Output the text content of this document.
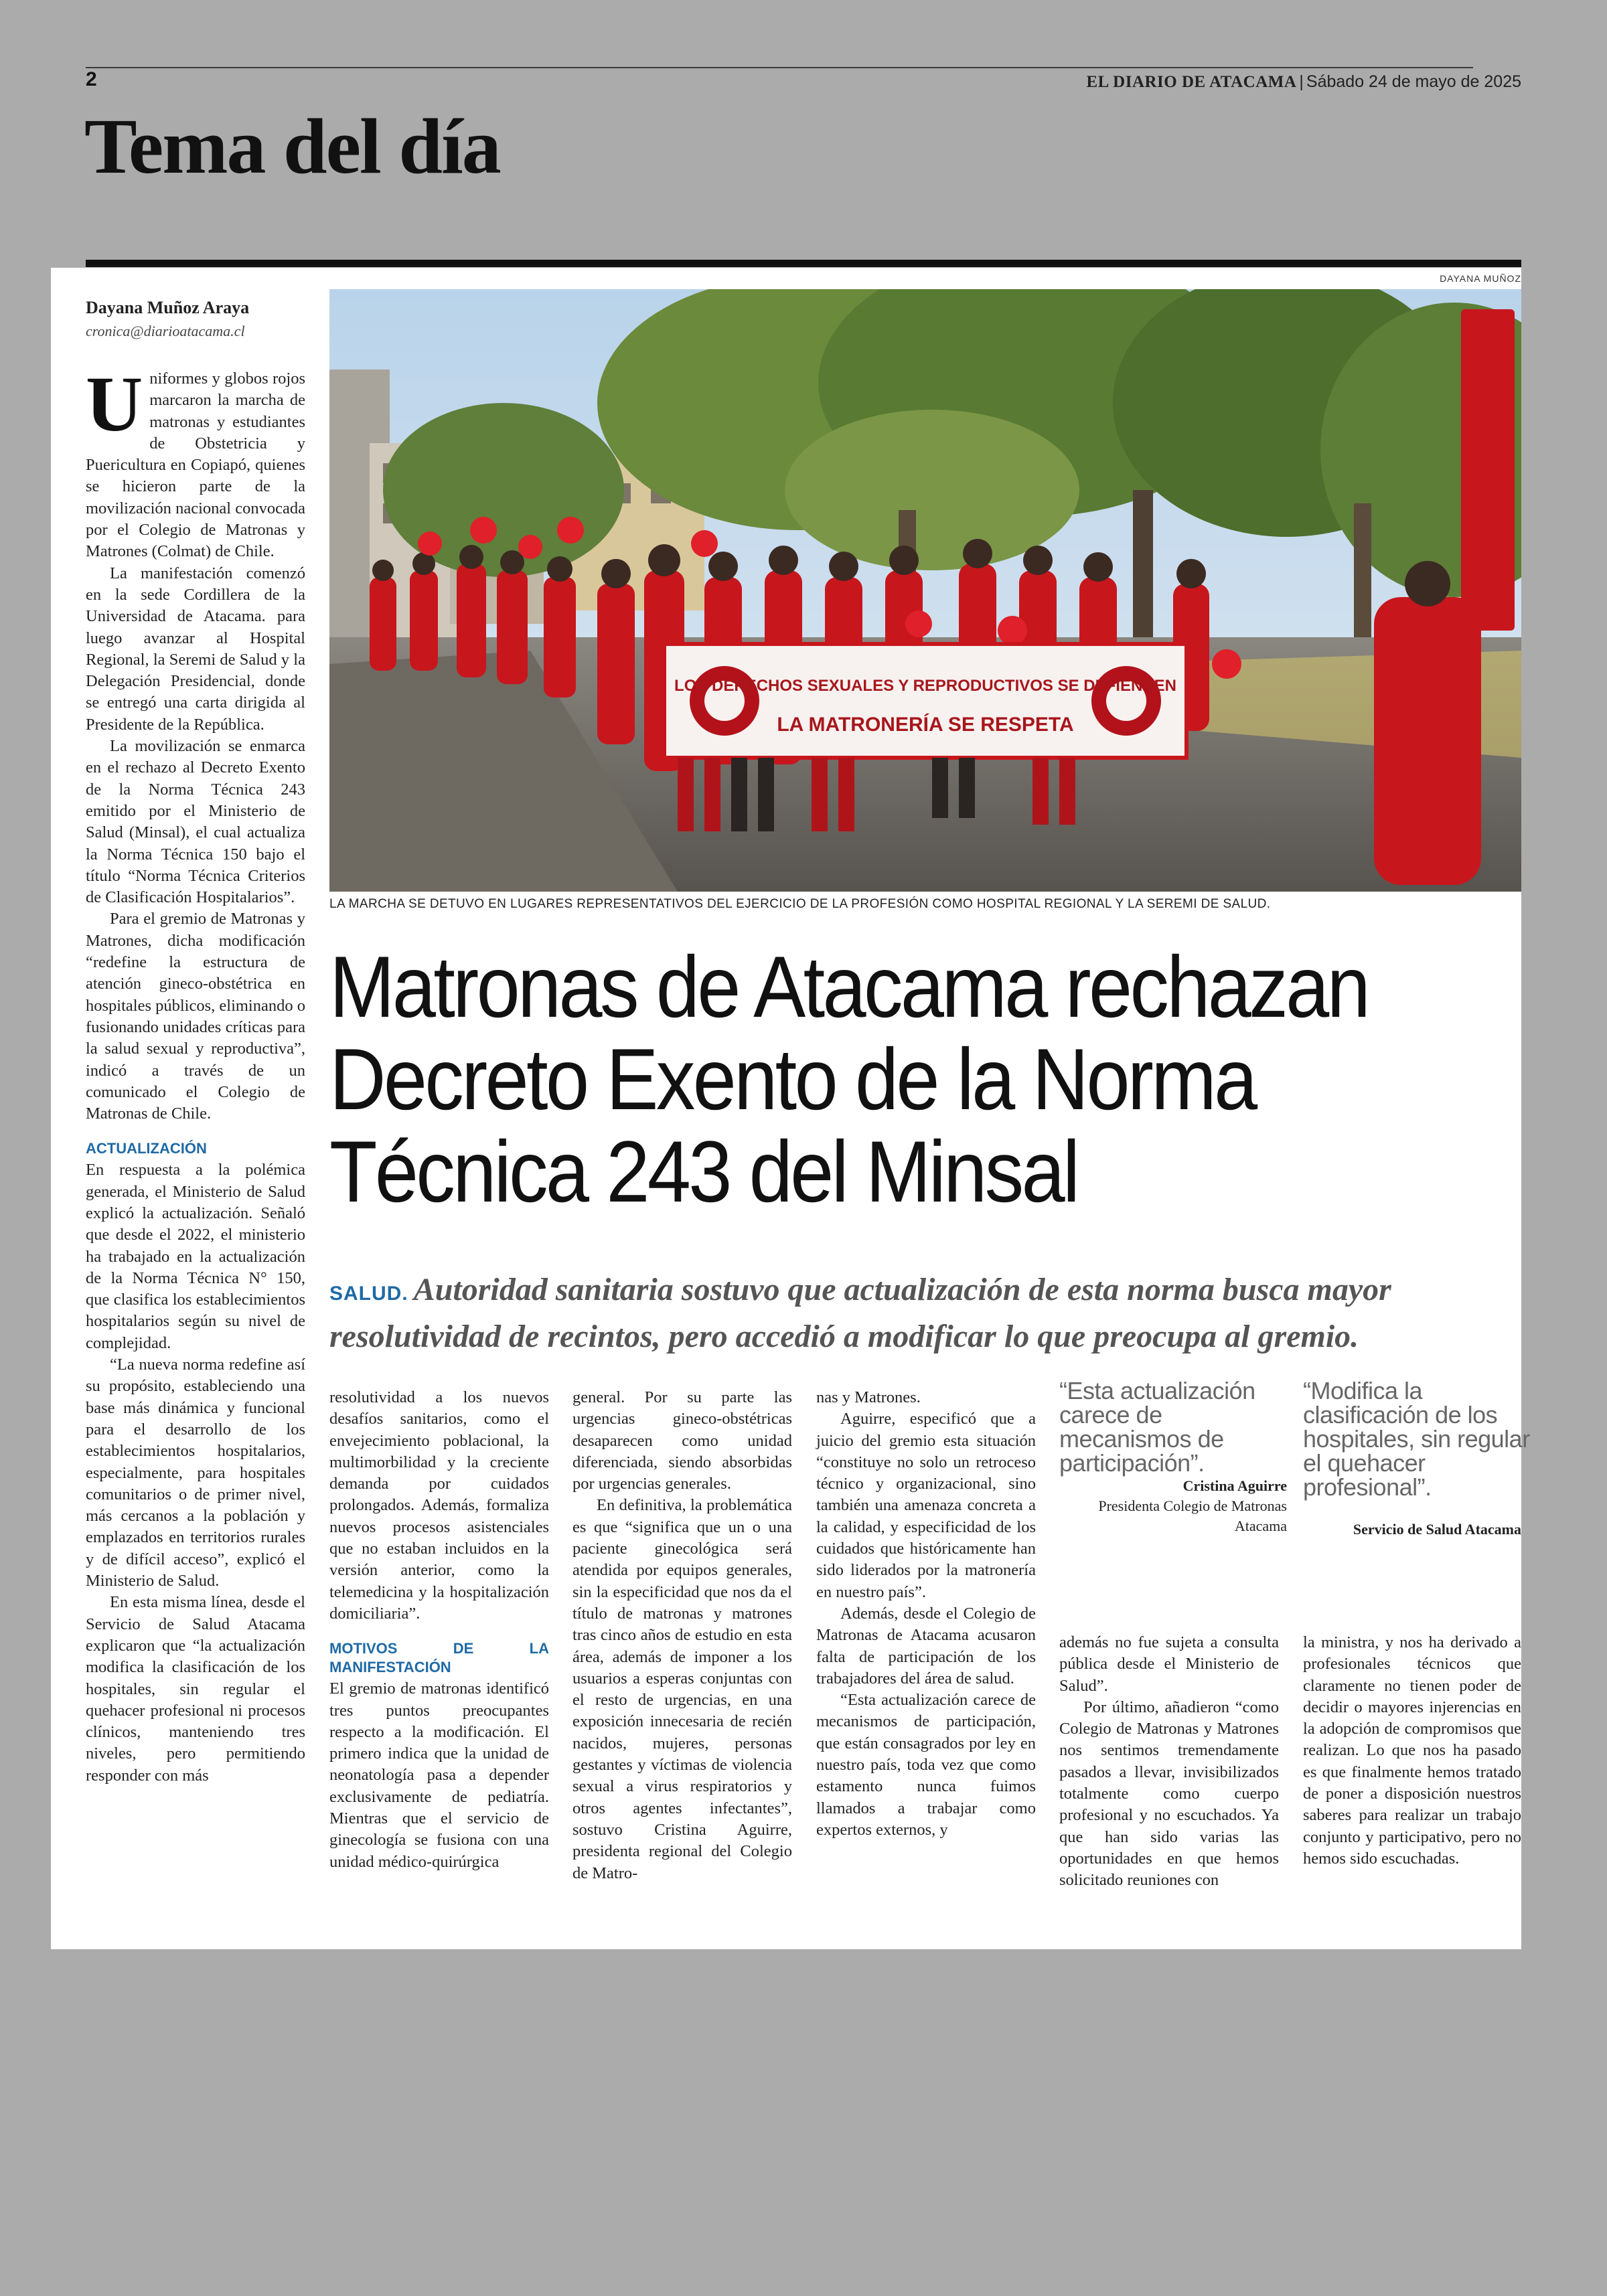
2	EL DIARIO DE ATACAMA | Sábado 24 de mayo de 2025
Tema del día
DAYANA MUÑOZ
LOS DERECHOS SEXUALES Y REPRODUCTIVOS SE DEFIENDEN
LA MATRONERÍA SE RESPETA
LA MARCHA SE DETUVO EN LUGARES REPRESENTATIVOS DEL EJERCICIO DE LA PROFESIÓN COMO HOSPITAL REGIONAL Y LA SEREMI DE SALUD.
Matronas de Atacama rechazan
Decreto Exento de la Norma
Técnica 243 del Minsal
SALUD. Autoridad sanitaria sostuvo que actualización de esta norma busca mayor resolutividad de recintos, pero accedió a modificar lo que preocupa al gremio.
Dayana Muñoz Araya
cronica@diarioatacama.cl

Uniformes y globos rojos marcaron la marcha de matronas y estudiantes de Obstetricia y Puericultura en Copiapó, quienes se hicieron parte de la movilización nacional convocada por el Colegio de Matronas y Matrones (Colmat) de Chile.

La manifestación comenzó en la sede Cordillera de la Universidad de Atacama. para luego avanzar al Hospital Regional, la Seremi de Salud y la Delegación Presidencial, donde se entregó una carta dirigida al Presidente de la República.

La movilización se enmarca en el rechazo al Decreto Exento de la Norma Técnica 243 emitido por el Ministerio de Salud (Minsal), el cual actualiza la Norma Técnica 150 bajo el título “Norma Técnica Criterios de Clasificación Hospitalarios”.

Para el gremio de Matronas y Matrones, dicha modificación “redefine la estructura de atención gineco-obstétrica en hospitales públicos, eliminando o fusionando unidades críticas para la salud sexual y reproductiva”, indicó a través de un comunicado el Colegio de Matronas de Chile.

ACTUALIZACIÓN

En respuesta a la polémica generada, el Ministerio de Salud explicó la actualización. Señaló que desde el 2022, el ministerio ha trabajado en la actualización de la Norma Técnica N° 150, que clasifica los establecimientos hospitalarios según su nivel de complejidad.

“La nueva norma redefine así su propósito, estableciendo una base más dinámica y funcional para el desarrollo de los establecimientos hospitalarios, especialmente, para hospitales comunitarios o de primer nivel, más cercanos a la población y emplazados en territorios rurales y de difícil acceso”, explicó el Ministerio de Salud.

En esta misma línea, desde el Servicio de Salud Atacama explicaron que “la actualización modifica la clasificación de los hospitales, sin regular el quehacer profesional ni procesos clínicos, manteniendo tres niveles, pero permitiendo responder con más

resolutividad a los nuevos desafíos sanitarios, como el envejecimiento poblacional, la multimorbilidad y la creciente demanda por cuidados prolongados. Además, formaliza nuevos procesos asistenciales que no estaban incluidos en la versión anterior, como la telemedicina y la hospitalización domiciliaria”.

MOTIVOS DE LA MANIFESTACIÓN

El gremio de matronas identificó tres puntos preocupantes respecto a la modificación. El primero indica que la unidad de neonatología pasa a depender exclusivamente de pediatría. Mientras que el servicio de ginecología se fusiona con una unidad médico-quirúrgica

general. Por su parte las urgencias gineco-obstétricas desaparecen como unidad diferenciada, siendo absorbidas por urgencias generales.

En definitiva, la problemática es que “significa que un o una paciente ginecológica será atendida por equipos generales, sin la especificidad que nos da el título de matronas y matrones tras cinco años de estudio en esta área, además de imponer a los usuarios a esperas conjuntas con el resto de urgencias, en una exposición innecesaria de recién nacidos, mujeres, personas gestantes y víctimas de violencia sexual a virus respiratorios y otros agentes infectantes”, sostuvo Cristina Aguirre, presidenta regional del Colegio de Matro-

nas y Matrones.

Aguirre, especificó que a juicio del gremio esta situación “constituye no solo un retroceso técnico y organizacional, sino también una amenaza concreta a la calidad, y especificidad de los cuidados que históricamente han sido liderados por la matronería en nuestro país”.

Además, desde el Colegio de Matronas de Atacama acusaron falta de participación de los trabajadores del área de salud.

“Esta actualización carece de mecanismos de participación, que están consagrados por ley en nuestro país, toda vez que como estamento nunca fuimos llamados a trabajar como expertos externos, y

“Esta actualización carece de mecanismos de participación”.
Cristina Aguirre
Presidenta Colegio de Matronas Atacama
“Modifica la clasificación de los hospitales, sin regular el quehacer profesional”.
Servicio de Salud Atacama

además no fue sujeta a consulta pública desde el Ministerio de Salud”.

Por último, añadieron “como Colegio de Matronas y Matrones nos sentimos tremendamente pasados a llevar, invisibilizados totalmente como cuerpo profesional y no escuchados. Ya que han sido varias las oportunidades en que hemos solicitado reuniones con

la ministra, y nos ha derivado a profesionales técnicos que claramente no tienen poder de decidir o mayores injerencias en la adopción de compromisos que realizan. Lo que nos ha pasado es que finalmente hemos tratado de poner a disposición nuestros saberes para realizar un trabajo conjunto y participativo, pero no hemos sido escuchadas.
